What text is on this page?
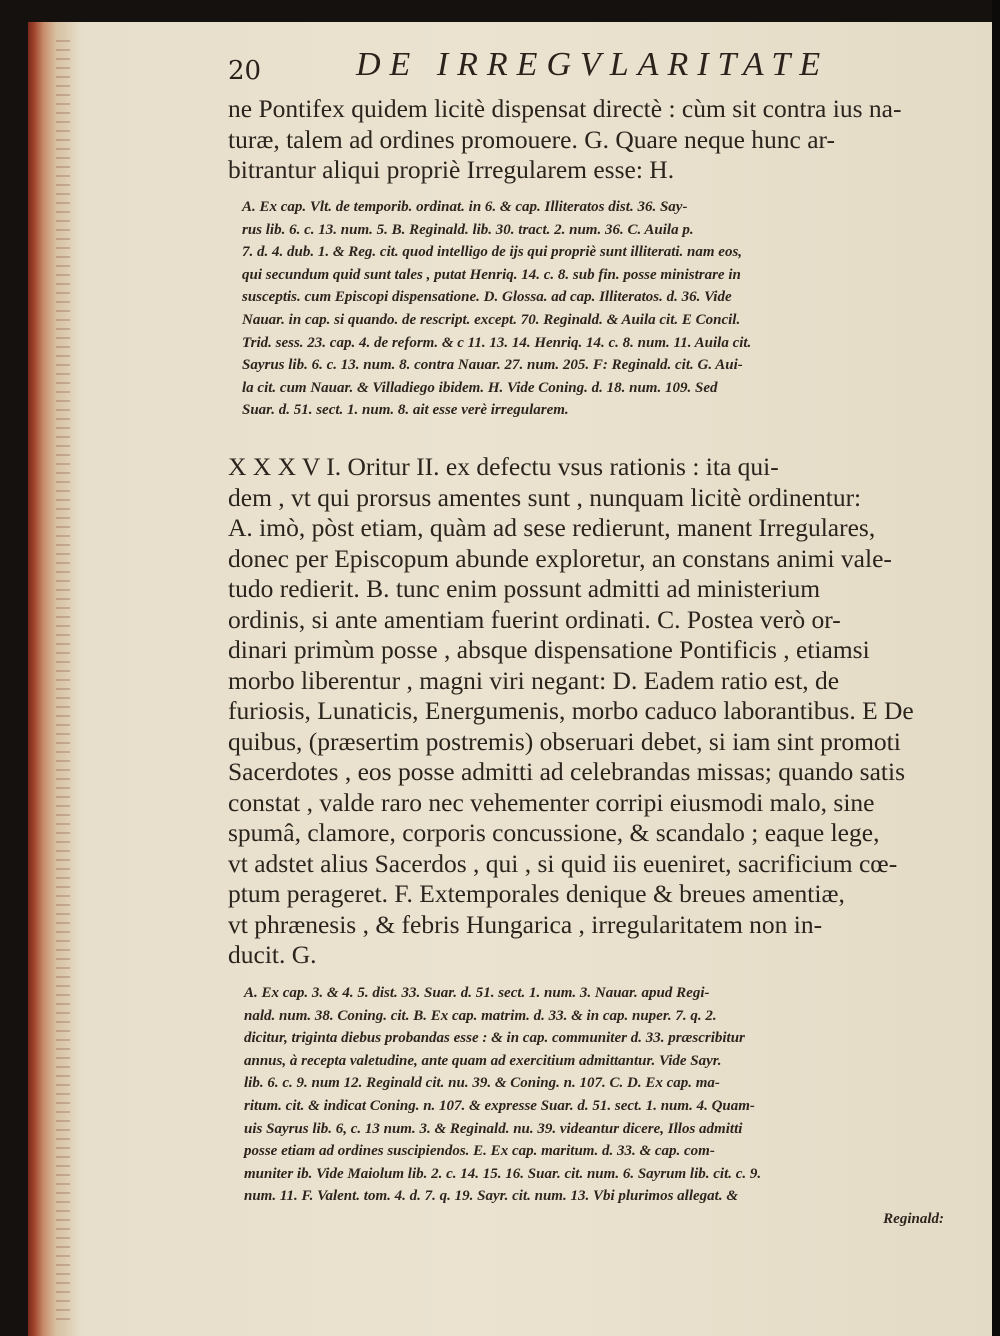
20	DE IRREGVLARITATE
ne Pontifex quidem licitè dispensat directè : cùm sit contra ius na-
turæ, talem ad ordines promouere. G. Quare neque hunc ar-
bitrantur aliqui propriè Irregularem esse: H.
A. Ex cap. Vlt. de temporib. ordinat. in 6. & cap. Illiteratos dist. 36. Say-
rus lib. 6. c. 13. num. 5. B. Reginald. lib. 30. tract. 2. num. 36. C. Auila p.
7. d. 4. dub. 1. & Reg. cit. quod intelligo de ijs qui propriè sunt illiterati. nam eos,
qui secundum quid sunt tales , putat Henriq. 14. c. 8. sub fin. posse ministrare in
susceptis. cum Episcopi dispensatione. D. Glossa. ad cap. Illiteratos. d. 36. Vide
Nauar. in cap. si quando. de rescript. except. 70. Reginald. & Auila cit. E Concil.
Trid. sess. 23. cap. 4. de reform. & c 11. 13. 14. Henriq. 14. c. 8. num. 11. Auila cit.
Sayrus lib. 6. c. 13. num. 8. contra Nauar. 27. num. 205. F: Reginald. cit. G. Aui-
la cit. cum Nauar. & Villadiego ibidem. H. Vide Coning. d. 18. num. 109. Sed
Suar. d. 51. sect. 1. num. 8. ait esse verè irregularem.
X X X V I. Oritur II. ex defectu vsus rationis : ita qui-
dem , vt qui prorsus amentes sunt , nunquam licitè ordinentur:
A. imò, pòst etiam, quàm ad sese redierunt, manent Irregulares,
donec per Episcopum abunde exploretur, an constans animi vale-
tudo redierit. B. tunc enim possunt admitti ad ministerium
ordinis, si ante amentiam fuerint ordinati. C. Postea verò or-
dinari primùm posse , absque dispensatione Pontificis , etiamsi
morbo liberentur , magni viri negant: D. Eadem ratio est, de
furiosis, Lunaticis, Energumenis, morbo caduco laborantibus. E De
quibus, (præsertim postremis) obseruari debet, si iam sint promoti
Sacerdotes , eos posse admitti ad celebrandas missas; quando satis
constat , valde raro nec vehementer corripi eiusmodi malo, sine
spumâ, clamore, corporis concussione, & scandalo ; eaque lege,
vt adstet alius Sacerdos , qui , si quid iis eueniret, sacrificium cœ-
ptum perageret. F. Extemporales denique & breues amentiæ,
vt phrænesis , & febris Hungarica , irregularitatem non in-
ducit. G.
A. Ex cap. 3. & 4. 5. dist. 33. Suar. d. 51. sect. 1. num. 3. Nauar. apud Regi-
nald. num. 38. Coning. cit. B. Ex cap. matrim. d. 33. & in cap. nuper. 7. q. 2.
dicitur, triginta diebus probandas esse : & in cap. communiter d. 33. præscribitur
annus, à recepta valetudine, ante quam ad exercitium admittantur. Vide Sayr.
lib. 6. c. 9. num 12. Reginald cit. nu. 39. & Coning. n. 107. C. D. Ex cap. ma-
ritum. cit. & indicat Coning. n. 107. & expresse Suar. d. 51. sect. 1. num. 4. Quam-
uis Sayrus lib. 6, c. 13 num. 3. & Reginald. nu. 39. videantur dicere, Illos admitti
posse etiam ad ordines suscipiendos. E. Ex cap. maritum. d. 33. & cap. com-
muniter ib. Vide Maiolum lib. 2. c. 14. 15. 16. Suar. cit. num. 6. Sayrum lib. cit. c. 9.
num. 11. F. Valent. tom. 4. d. 7. q. 19. Sayr. cit. num. 13. Vbi plurimos allegat. &
Reginald:
